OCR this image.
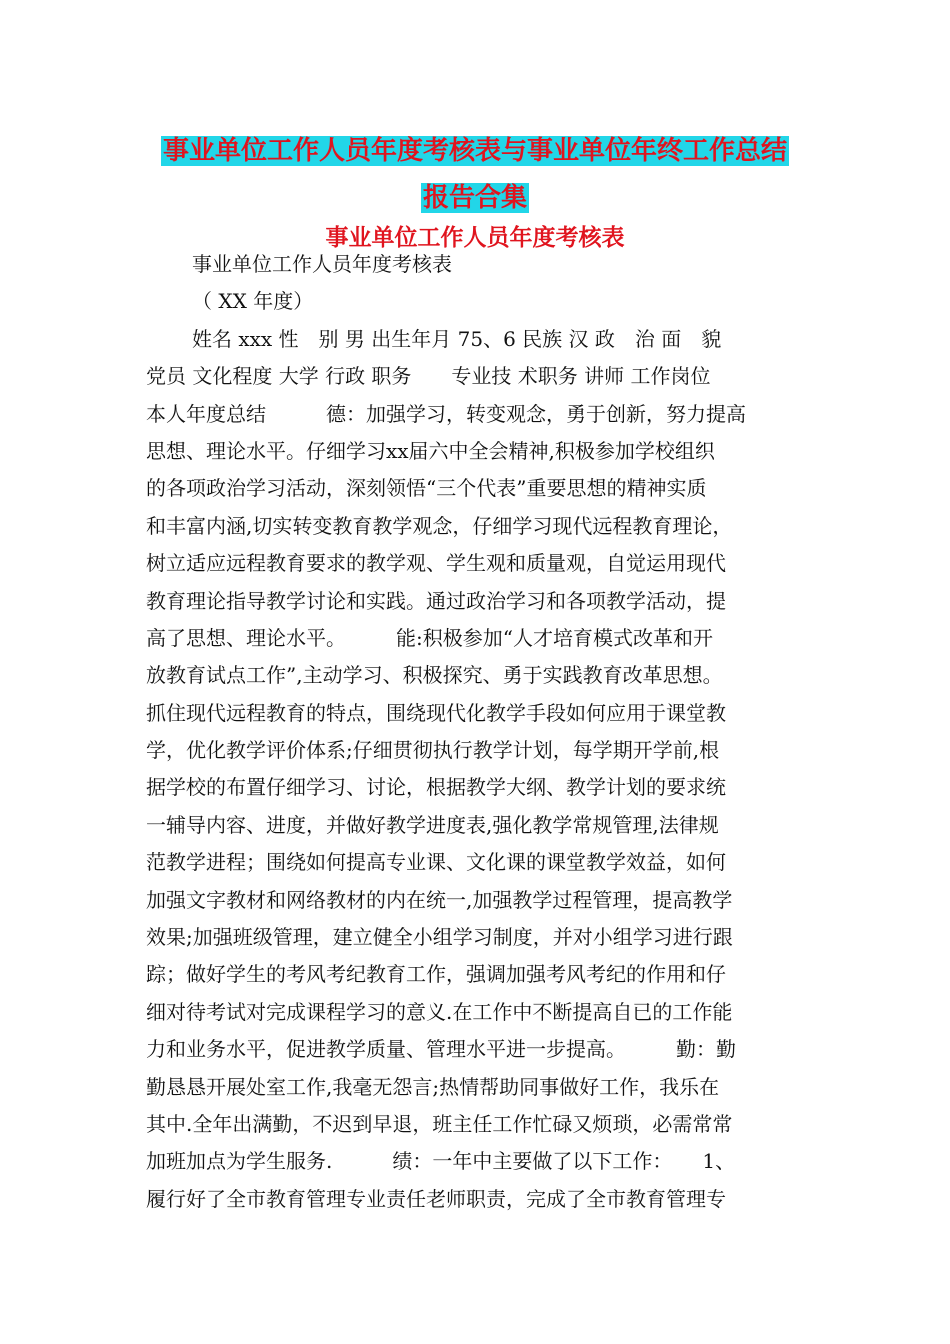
事业单位工作人员年度考核表与事业单位年终工作总结
报告合集
事业单位工作人员年度考核表
事业单位工作人员年度考核表
（ XX 年度）
姓名 xxx 性　别 男 出生年月 75、6 民族 汉 政　治 面　貌
党员 文化程度 大学 行政 职务　　专业技 术职务 讲师 工作岗位
本人年度总结　　　德：加强学习，转变观念，勇于创新，努力提高
思想、理论水平。仔细学习xx届六中全会精神,积极参加学校组织
的各项政治学习活动，深刻领悟“三个代表”重要思想的精神实质
和丰富内涵,切实转变教育教学观念，仔细学习现代远程教育理论，
树立适应远程教育要求的教学观、学生观和质量观，自觉运用现代
教育理论指导教学讨论和实践。通过政治学习和各项教学活动，提
高了思想、理论水平。　　　能:积极参加“人才培育模式改革和开
放教育试点工作”,主动学习、积极探究、勇于实践教育改革思想。
抓住现代远程教育的特点，围绕现代化教学手段如何应用于课堂教
学，优化教学评价体系;仔细贯彻执行教学计划，每学期开学前,根
据学校的布置仔细学习、讨论，根据教学大纲、教学计划的要求统
一辅导内容、进度，并做好教学进度表,强化教学常规管理,法律规
范教学进程；围绕如何提高专业课、文化课的课堂教学效益，如何
加强文字教材和网络教材的内在统一,加强教学过程管理，提高教学
效果;加强班级管理，建立健全小组学习制度，并对小组学习进行跟
踪；做好学生的考风考纪教育工作，强调加强考风考纪的作用和仔
细对待考试对完成课程学习的意义.在工作中不断提高自已的工作能
力和业务水平，促进教学质量、管理水平进一步提高。　　　勤：勤
勤恳恳开展处室工作,我毫无怨言;热情帮助同事做好工作，我乐在
其中.全年出满勤，不迟到早退，班主任工作忙碌又烦琐，必需常常
加班加点为学生服务.　　　绩：一年中主要做了以下工作：　　1、
履行好了全市教育管理专业责任老师职责，完成了全市教育管理专
